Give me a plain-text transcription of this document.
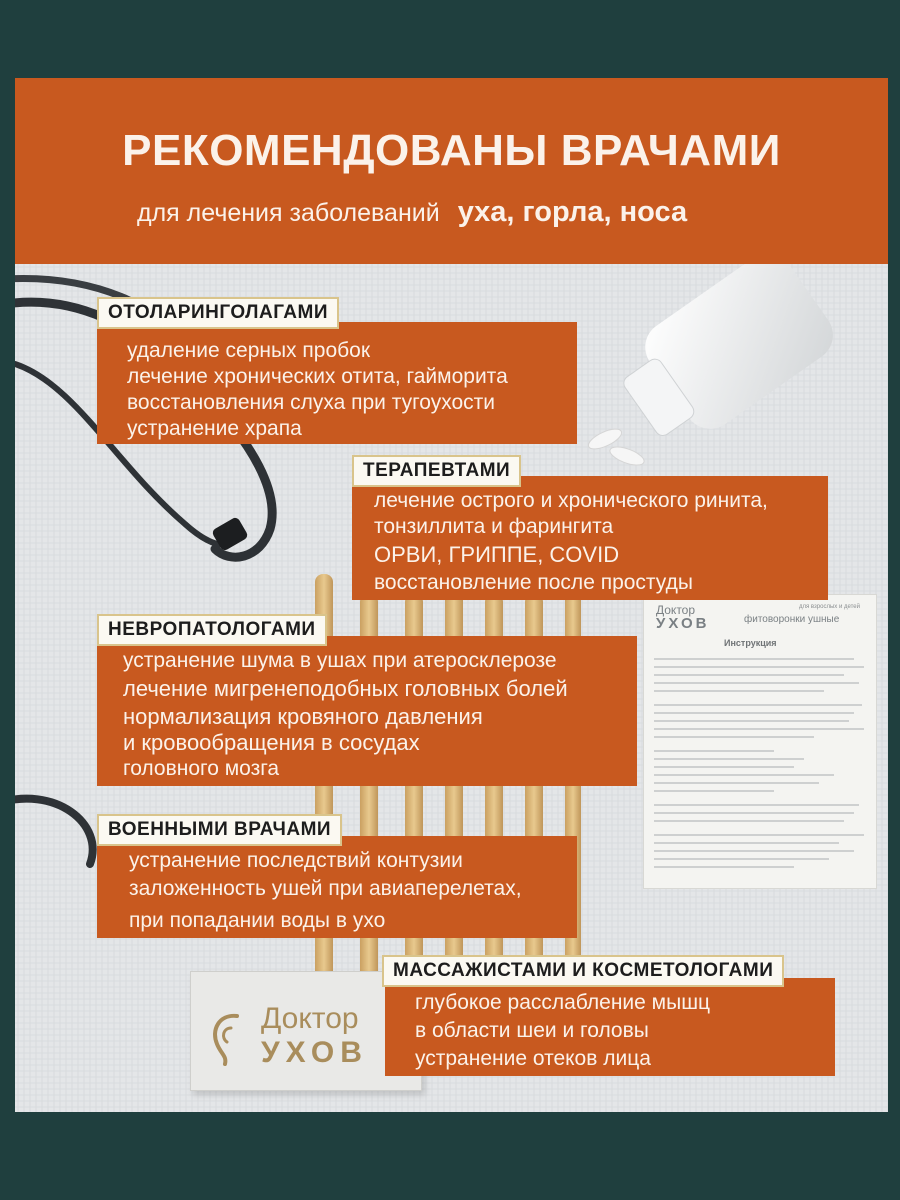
РЕКОМЕНДОВАНЫ ВРАЧАМИ
для лечения заболеваний уха, горла, носа
Доктор
УХОВ
для взрослых и детей
фитоворонки ушные
Инструкция
Доктор
УХОВ
удаление серных пробок
лечение хронических отита, гайморита
восстановления слуха при тугоухости
устранение храпа
ОТОЛАРИНГОЛАГАМИ
лечение острого и хронического ринита,
тонзиллита и фарингита
ОРВИ, ГРИППЕ, COVID
восстановление после простуды
ТЕРАПЕВТАМИ
устранение шума в ушах при атеросклерозе
лечение мигренеподобных головных болей
нормализация кровяного давления
и кровообращения в сосудах
головного мозга
НЕВРОПАТОЛОГАМИ
устранение последствий контузии
заложенность ушей при авиаперелетах,
при попадании воды в ухо
ВОЕННЫМИ ВРАЧАМИ
глубокое расслабление мышц
в области шеи и головы
устранение отеков лица
МАССАЖИСТАМИ И КОСМЕТОЛОГАМИ
